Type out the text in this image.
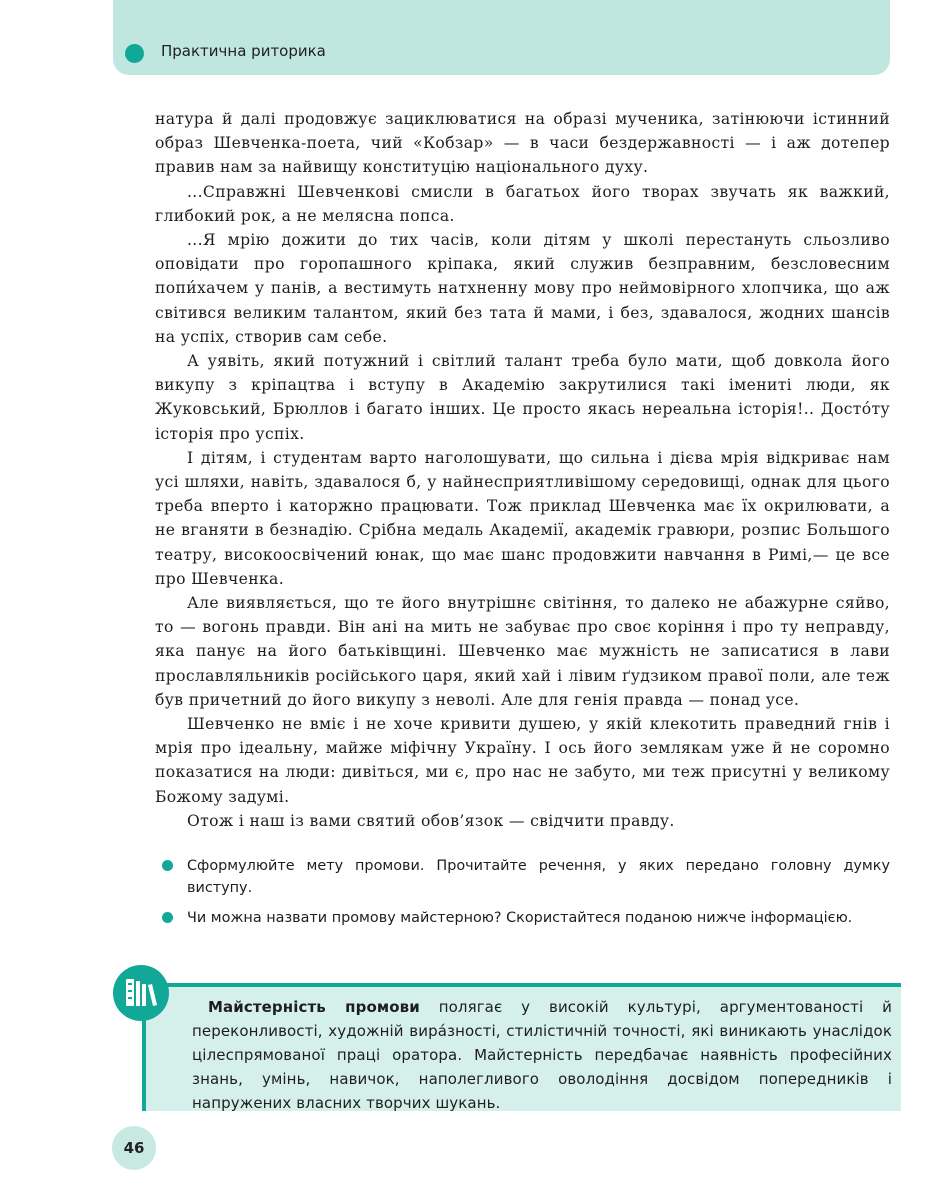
Практична риторика

натура й далі продовжує зациклюватися на образі мученика, затінюючи істинний образ Шевченка-поета, чий «Кобзар» — в часи бездержавності — і аж дотепер правив нам за найвищу конституцію національного духу.

...Справжні Шевченкові смисли в багатьох його творах звучать як важкий, глибокий рок, а не мелясна попса.

...Я мрію дожити до тих часів, коли дітям у школі перестануть сльозливо оповідати про горопашного кріпака, який служив безправним, безсловесним попи́хачем у панів, а вестимуть натхненну мову про неймовірного хлопчика, що аж світився великим талантом, який без тата й мами, і без, здавалося, жодних шансів на успіх, створив сам себе.

А уявіть, який потужний і світлий талант треба було мати, щоб довкола його викупу з кріпацтва і вступу в Академію закрутилися такі імениті люди, як Жуковський, Брюллов і багато інших. Це просто якась нереальна історія!.. Досто́ту історія про успіх.

І дітям, і студентам варто наголошувати, що сильна і дієва мрія відкриває нам усі шляхи, навіть, здавалося б, у найнесприятливішому середовищі, однак для цього треба вперто і каторжно працювати. Тож приклад Шевченка має їх окрилювати, а не вганяти в безнадію. Срібна медаль Академії, академік гравюри, розпис Большого театру, високоосвічений юнак, що має шанс продовжити навчання в Римі,— це все про Шевченка.

Але виявляється, що те його внутрішнє світіння, то далеко не абажурне сяйво, то — вогонь правди. Він ані на мить не забуває про своє коріння і про ту неправду, яка панує на його батьківщині. Шевченко має мужність не записатися в лави прославляльників російського царя, який хай і лівим ґудзиком правої поли, але теж був причетний до його викупу з неволі. Але для генія правда — понад усе.

Шевченко не вміє і не хоче кривити душею, у якій клекотить праведний гнів і мрія про ідеальну, майже міфічну Україну. І ось його землякам уже й не соромно показатися на люди: дивіться, ми є, про нас не забуто, ми теж присутні у великому Божому задумі.

Отож і наш із вами святий обов’язок — свідчити правду.

Сформулюйте мету промови. Прочитайте речення, у яких передано головну думку виступу.
Чи можна назвати промову майстерною? Скористайтеся поданою нижче інформацією.
Майстерність промови полягає у високій культурі, аргументованості й переконливості, художній вира́зності, стилістичній точності, які виникають унаслідок цілеспрямованої праці оратора. Майстерність передбачає наявність професійних знань, умінь, навичок, наполегливого оволодіння досвідом попередників і напружених власних творчих шукань.
46
